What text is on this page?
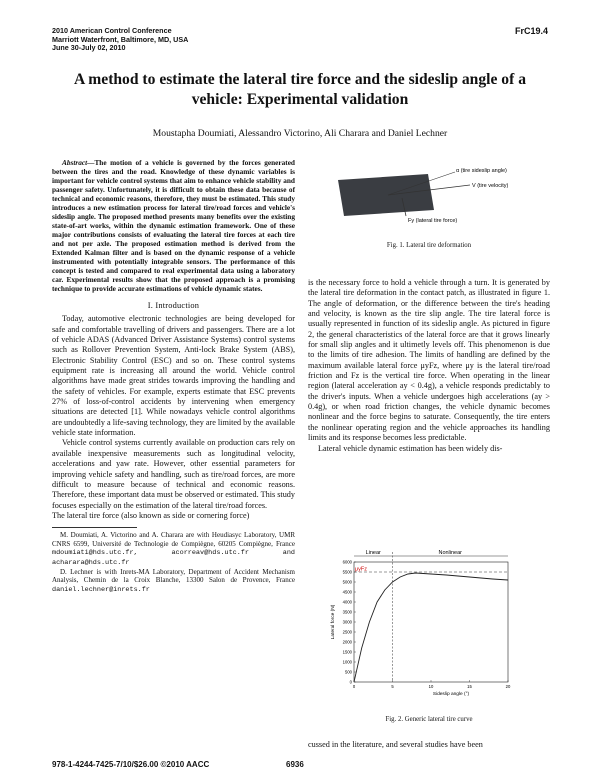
2010 American Control Conference
Marriott Waterfront, Baltimore, MD, USA
June 30-July 02, 2010
FrC19.4
A method to estimate the lateral tire force and the sideslip angle of a
vehicle: Experimental validation
Moustapha Doumiati, Alessandro Victorino, Ali Charara and Daniel Lechner

Abstract—The motion of a vehicle is governed by the forces generated between the tires and the road. Knowledge of these dynamic variables is important for vehicle control systems that aim to enhance vehicle stability and passenger safety. Unfortunately, it is difficult to obtain these data because of technical and economic reasons, therefore, they must be estimated. This study introduces a new estimation process for lateral tire/road forces and vehicle's sideslip angle. The proposed method presents many benefits over the existing state-of-art works, within the dynamic estimation framework. One of these major contributions consists of evaluating the lateral tire forces at each tire and not per axle. The proposed estimation method is derived from the Extended Kalman filter and is based on the dynamic response of a vehicle instrumented with potentially integrable sensors. The performance of this concept is tested and compared to real experimental data using a laboratory car. Experimental results show that the proposed approach is a promising technique to provide accurate estimations of vehicle dynamic states.

I. Introduction

Today, automotive electronic technologies are being developed for safe and comfortable travelling of drivers and passengers. There are a lot of vehicle ADAS (Advanced Driver Assistance Systems) control systems such as Rollover Prevention System, Anti-lock Brake System (ABS), Electronic Stability Control (ESC) and so on. These control systems equipment rate is increasing all around the world. Vehicle control algorithms have made great strides towards improving the handling and the safety of vehicles. For example, experts estimate that ESC prevents 27% of loss-of-control accidents by intervening when emergency situations are detected [1]. While nowadays vehicle control algorithms are undoubtedly a life-saving technology, they are limited by the available vehicle state information.

Vehicle control systems currently available on production cars rely on available inexpensive measurements such as longitudinal velocity, accelerations and yaw rate. However, other essential parameters for improving vehicle safety and handling, such as tire/road forces, are more difficult to measure because of technical and economic reasons. Therefore, these important data must be observed or estimated. This study focuses especially on the estimation of the lateral tire/road forces.

The lateral tire force (also known as side or cornering force)

M. Doumiati, A. Victorino and A. Charara are with Heudiasyc Laboratory, UMR CNRS 6599, Université de Technologie de Compiègne, 60205 Compiègne, France mdoumiati@hds.utc.fr, acorreav@hds.utc.fr and acharara@hds.utc.fr

D. Lechner is with Inrets-MA Laboratory, Department of Accident Mechanism Analysis, Chemin de la Croix Blanche, 13300 Salon de Provence, France daniel.lechner@inrets.fr

α (tire sideslip angle)
V (tire velocity)
Fy (lateral tire force)
Fig. 1. Lateral tire deformation

is the necessary force to hold a vehicle through a turn. It is generated by the lateral tire deformation in the contact patch, as illustrated in figure 1. The angle of deformation, or the difference between the tire's heading and velocity, is known as the tire slip angle. The tire lateral force is usually represented in function of its sideslip angle. As pictured in figure 2, the general characteristics of the lateral force are that it grows linearly for small slip angles and it ultimetly levels off. This phenomenon is due to the limits of tire adhesion. The limits of handling are defined by the maximum available lateral force μyFz, where μy is the lateral tire/road friction and Fz is the vertical tire force. When operating in the linear region (lateral acceleration ay < 0.4g), a vehicle responds predictably to the driver's inputs. When a vehicle undergoes high accelerations (ay > 0.4g), or when road friction changes, the vehicle dynamic becomes nonlinear and the force begins to saturate. Consequently, the tire enters the nonlinear operating region and the vehicle approaches its handling limits and its response becomes less predictable.

Lateral vehicle dynamic estimation has been widely dis-

0
500
1000
1500
2000
2500
3000
3500
4000
4500
5000
5500
6000
0	5	10	15	20
Sideslip angle (°)
Lateral force (N)
Linear	Nonlinear
μyFz
Fig. 2. Generic lateral tire curve
cussed in the literature, and several studies have been
978-1-4244-7425-7/10/$26.00 ©2010 AACC	6936
